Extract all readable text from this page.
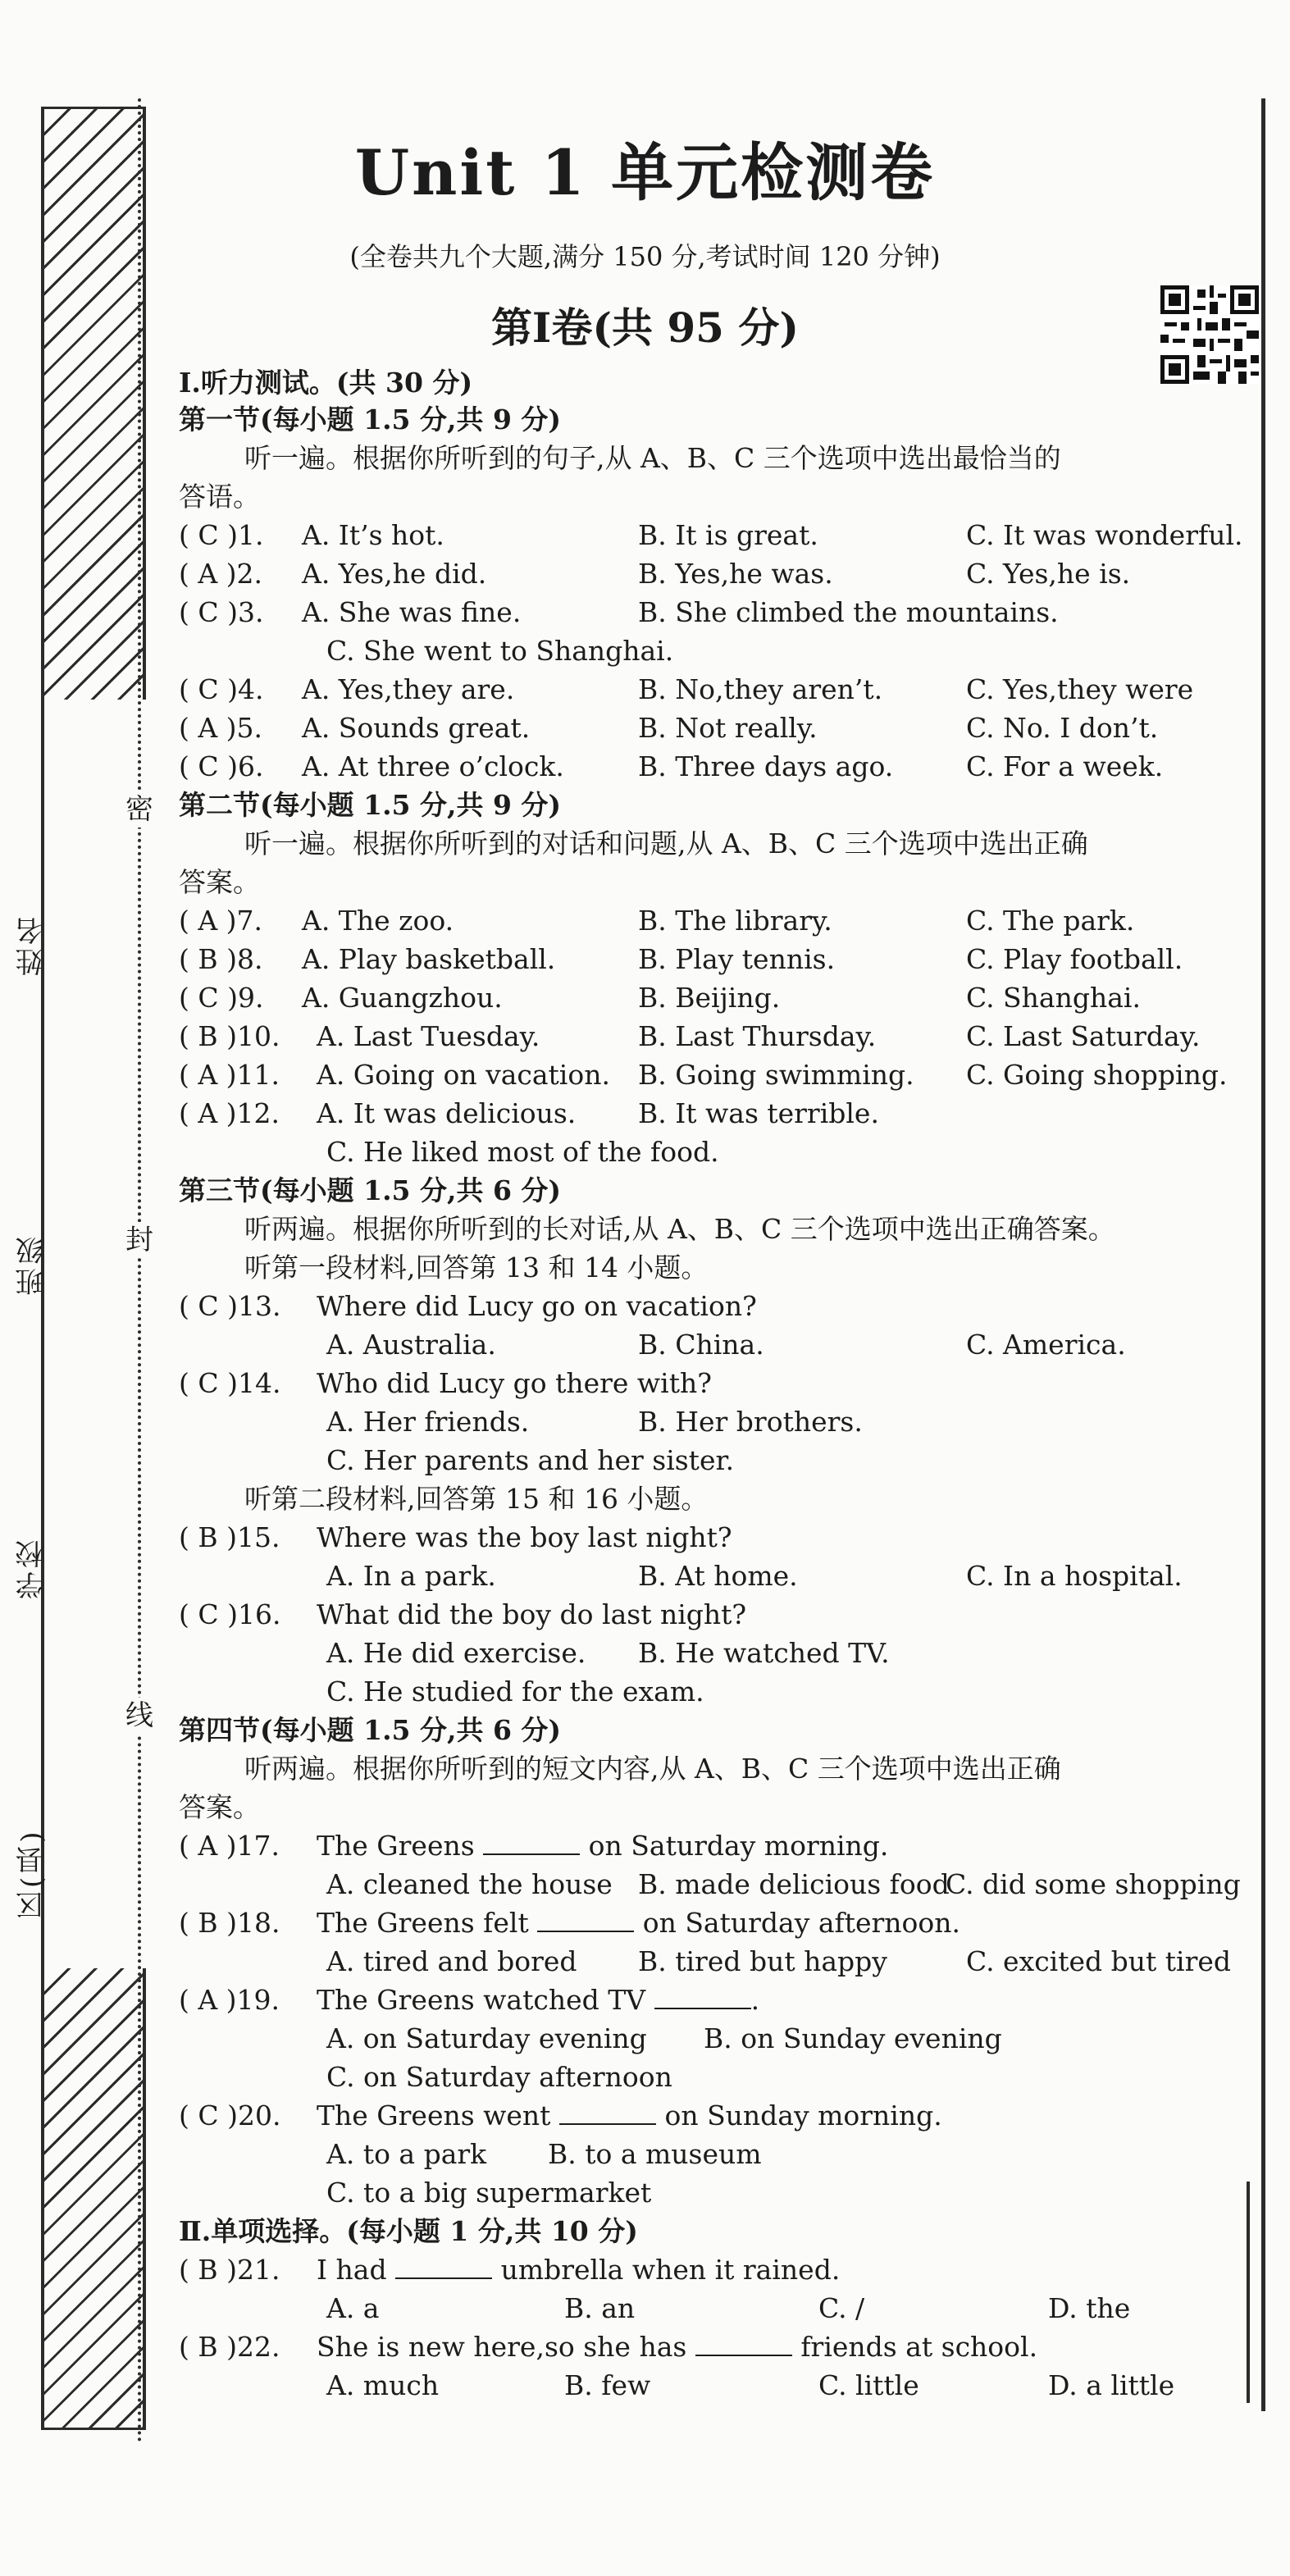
密
封
线
姓名
班级
学校
区(县)
Unit 1 单元检测卷
(全卷共九个大题,满分 150 分,考试时间 120 分钟)
第Ⅰ卷(共 95 分)
Ⅰ.听力测试。(共 30 分)
第一节(每小题 1.5 分,共 9 分)
听一遍。根据你所听到的句子,从 A、B、C 三个选项中选出最恰当的
答语。
( C )1. A. It’s hot.	B. It is great.	C. It was wonderful.
( A )2. A. Yes,he did.	B. Yes,he was.	C. Yes,he is.
( C )3. A. She was fine.	B. She climbed the mountains.
C. She went to Shanghai.
( C )4. A. Yes,they are.	B. No,they aren’t.	C. Yes,they were
( A )5. A. Sounds great.	B. Not really.	C. No. I don’t.
( C )6. A. At three o’clock.	B. Three days ago.	C. For a week.
第二节(每小题 1.5 分,共 9 分)
听一遍。根据你所听到的对话和问题,从 A、B、C 三个选项中选出正确
答案。
( A )7. A. The zoo.	B. The library.	C. The park.
( B )8. A. Play basketball.	B. Play tennis.	C. Play football.
( C )9. A. Guangzhou.	B. Beijing.	C. Shanghai.
( B )10. A. Last Tuesday.	B. Last Thursday.	C. Last Saturday.
( A )11. A. Going on vacation. B. Going swimming. C. Going shopping.
( A )12. A. It was delicious. B. It was terrible.
C. He liked most of the food.
第三节(每小题 1.5 分,共 6 分)
听两遍。根据你所听到的长对话,从 A、B、C 三个选项中选出正确答案。
听第一段材料,回答第 13 和 14 小题。
( C )13. Where did Lucy go on vacation?
A. Australia.	B. China.	C. America.
( C )14. Who did Lucy go there with?
A. Her friends.	B. Her brothers.
C. Her parents and her sister.
听第二段材料,回答第 15 和 16 小题。
( B )15. Where was the boy last night?
A. In a park.	B. At home.	C. In a hospital.
( C )16. What did the boy do last night?
A. He did exercise. B. He watched TV.
C. He studied for the exam.
第四节(每小题 1.5 分,共 6 分)
听两遍。根据你所听到的短文内容,从 A、B、C 三个选项中选出正确
答案。
( A )17. The Greens	on Saturday morning.
A. cleaned the house B. made delicious food
C. did some shopping
( B )18. The Greens felt	on Saturday afternoon.
A. tired and bored B. tired but happy	C. excited but tired
( A )19. The Greens watched TV	.
A. on Saturday evening B. on Sunday evening
C. on Saturday afternoon
( C )20. The Greens went	on Sunday morning.
A. to a park B. to a museum
C. to a big supermarket
Ⅱ.单项选择。(每小题 1 分,共 10 分)
( B )21. I had	umbrella when it rained.
A. a	B. an	C. /	D. the
( B )22. She is new here,so she has	friends at school.
A. much	B. few	C. little	D. a little
